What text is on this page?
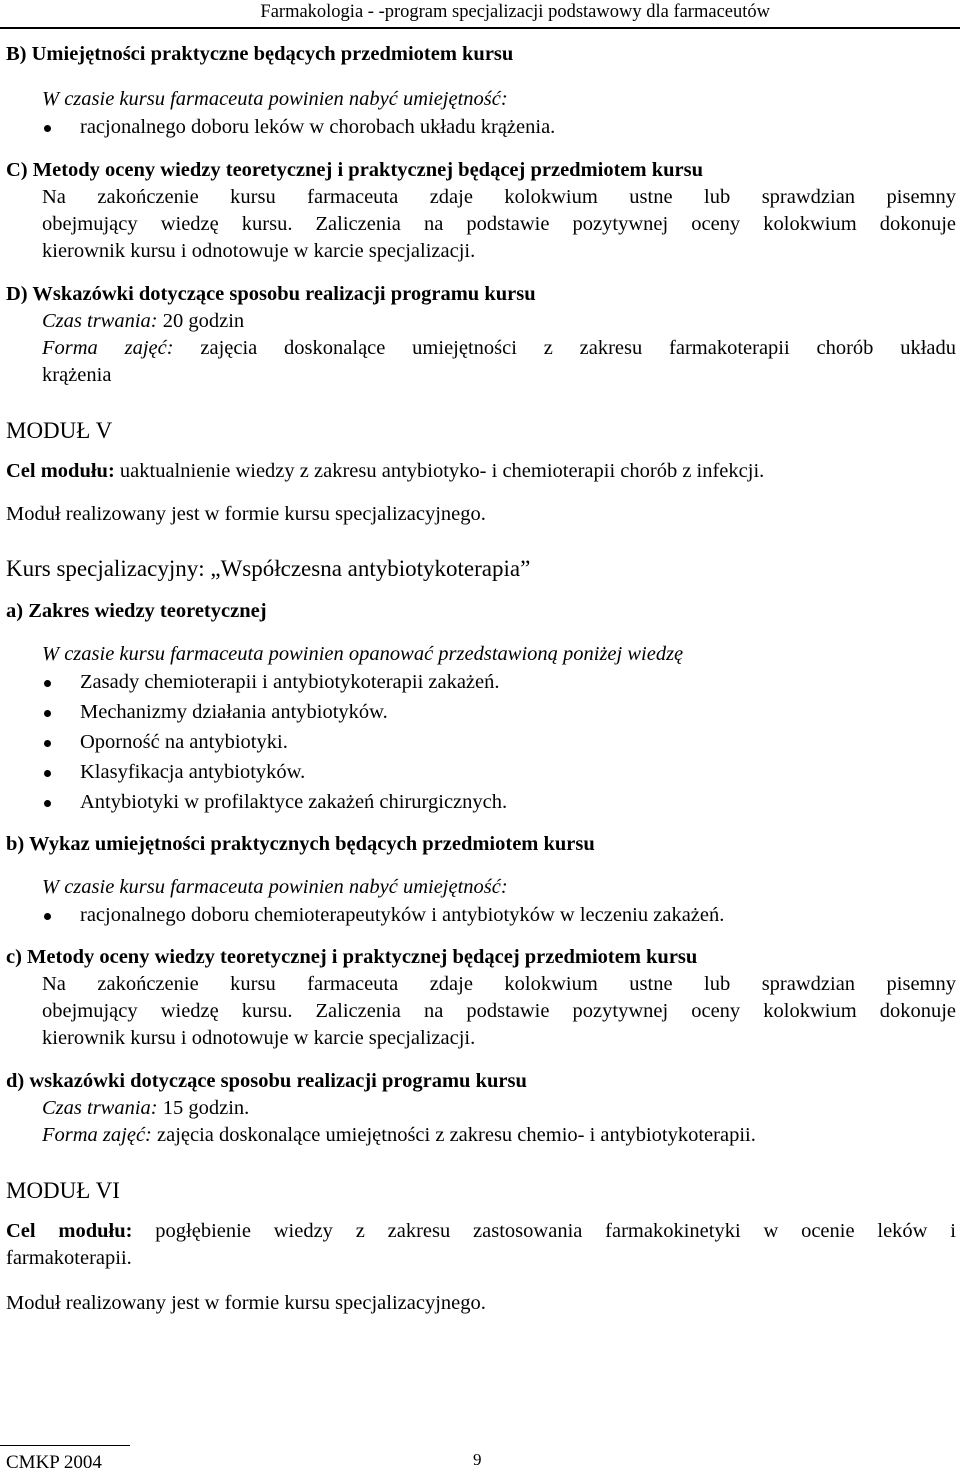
Farmakologia - -program specjalizacji podstawowy dla farmaceutów
B) Umiejętności praktyczne będących przedmiotem kursu
W czasie kursu farmaceuta powinien nabyć umiejętność:
racjonalnego doboru leków w chorobach układu krążenia.
C) Metody oceny wiedzy teoretycznej i praktycznej będącej przedmiotem kursu
Na zakończenie kursu farmaceuta zdaje kolokwium ustne lub sprawdzian pisemny
obejmujący wiedzę kursu. Zaliczenia na podstawie pozytywnej oceny kolokwium dokonuje
kierownik kursu i odnotowuje w karcie specjalizacji.
D) Wskazówki dotyczące sposobu realizacji programu kursu
Czas trwania: 20 godzin
Forma zajęć: zajęcia doskonalące umiejętności z zakresu farmakoterapii chorób układu
krążenia
MODUŁ V
Cel modułu: uaktualnienie wiedzy z zakresu antybiotyko- i chemioterapii chorób z infekcji.
Moduł realizowany jest w formie kursu specjalizacyjnego.
Kurs specjalizacyjny: „Współczesna antybiotykoterapia”
a) Zakres wiedzy teoretycznej
W czasie kursu farmaceuta powinien opanować przedstawioną poniżej wiedzę
Zasady chemioterapii i antybiotykoterapii zakażeń.
Mechanizmy działania antybiotyków.
Oporność na antybiotyki.
Klasyfikacja antybiotyków.
Antybiotyki w profilaktyce zakażeń chirurgicznych.
b) Wykaz umiejętności praktycznych będących przedmiotem kursu
W czasie kursu farmaceuta powinien nabyć umiejętność:
racjonalnego doboru chemioterapeutyków i antybiotyków w leczeniu zakażeń.
c) Metody oceny wiedzy teoretycznej i praktycznej będącej przedmiotem kursu
Na zakończenie kursu farmaceuta zdaje kolokwium ustne lub sprawdzian pisemny
obejmujący wiedzę kursu. Zaliczenia na podstawie pozytywnej oceny kolokwium dokonuje
kierownik kursu i odnotowuje w karcie specjalizacji.
d) wskazówki dotyczące sposobu realizacji programu kursu
Czas trwania: 15 godzin.
Forma zajęć: zajęcia doskonalące umiejętności z zakresu chemio- i antybiotykoterapii.
MODUŁ VI
Cel modułu: pogłębienie wiedzy z zakresu zastosowania farmakokinetyki w ocenie leków i
farmakoterapii.
Moduł realizowany jest w formie kursu specjalizacyjnego.
CMKP 2004	9
